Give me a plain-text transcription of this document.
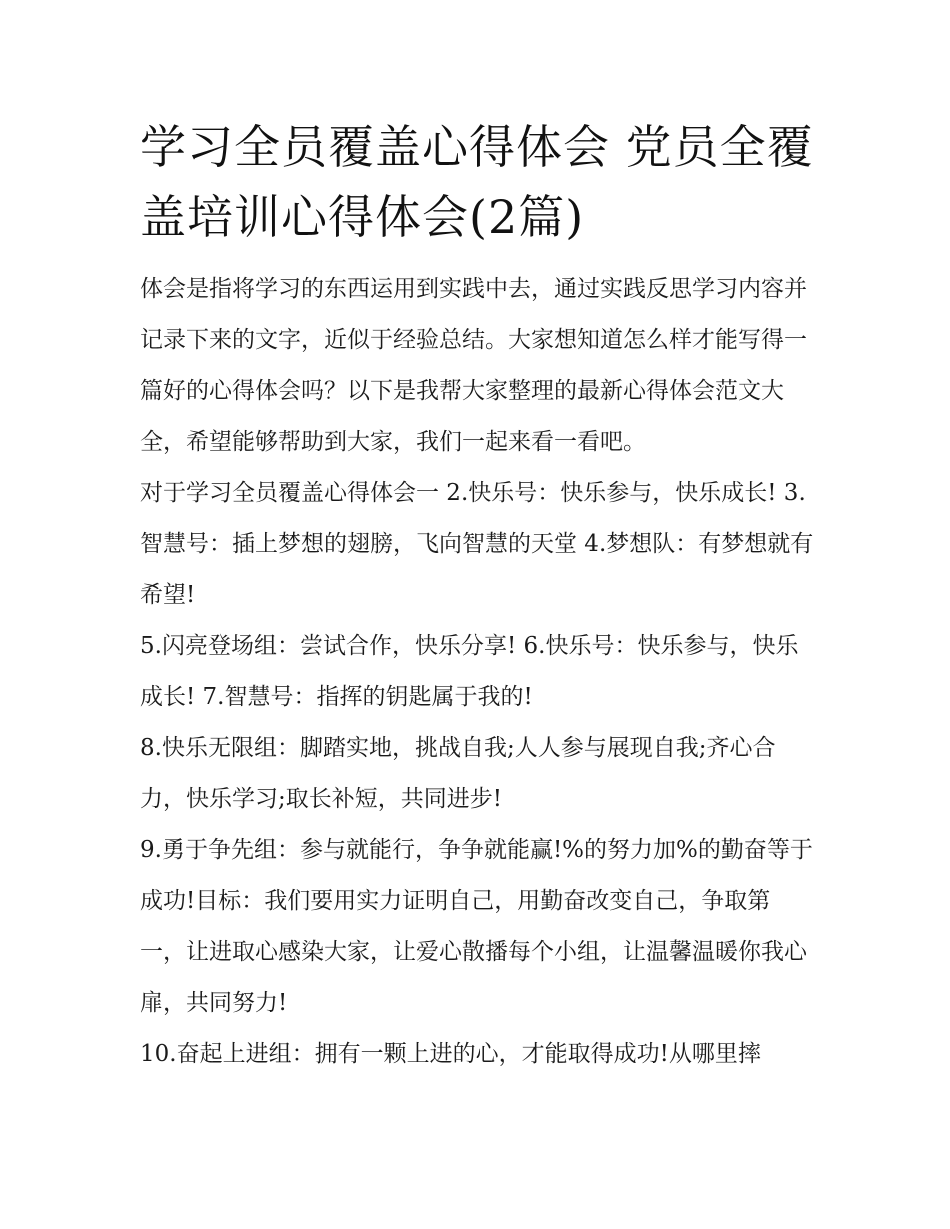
学习全员覆盖心得体会 党员全覆盖培训心得体会(2篇)

体会是指将学习的东西运用到实践中去，通过实践反思学习内容并记录下来的文字，近似于经验总结。大家想知道怎么样才能写得一篇好的心得体会吗？以下是我帮大家整理的最新心得体会范文大全，希望能够帮助到大家，我们一起来看一看吧。

对于学习全员覆盖心得体会一 2.快乐号：快乐参与，快乐成长! 3.智慧号：插上梦想的翅膀，飞向智慧的天堂 4.梦想队：有梦想就有希望!

5.闪亮登场组：尝试合作，快乐分享! 6.快乐号：快乐参与，快乐成长! 7.智慧号：指挥的钥匙属于我的!

8.快乐无限组：脚踏实地，挑战自我;人人参与展现自我;齐心合力，快乐学习;取长补短，共同进步!

9.勇于争先组：参与就能行，争争就能赢!%的努力加%的勤奋等于成功!目标：我们要用实力证明自己，用勤奋改变自己，争取第一，让进取心感染大家，让爱心散播每个小组，让温馨温暖你我心扉，共同努力!

10.奋起上进组：拥有一颗上进的心，才能取得成功!从哪里摔
